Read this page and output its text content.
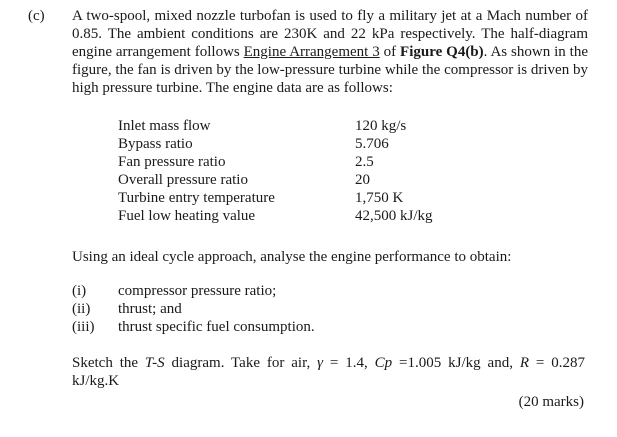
(c) A two-spool, mixed nozzle turbofan is used to fly a military jet at a Mach number of 0.85. The ambient conditions are 230K and 22 kPa respectively. The half-diagram engine arrangement follows Engine Arrangement 3 of Figure Q4(b). As shown in the figure, the fan is driven by the low-pressure turbine while the compressor is driven by high pressure turbine. The engine data are as follows:

Inlet mass flow	120 kg/s
Bypass ratio	5.706
Fan pressure ratio	2.5
Overall pressure ratio	20
Turbine entry temperature	1,750 K
Fuel low heating value	42,500 kJ/kg
Using an ideal cycle approach, analyse the engine performance to obtain:
(i) compressor pressure ratio;
(ii) thrust; and
(iii) thrust specific fuel consumption.

Sketch the T-S diagram. Take for air, γ = 1.4, Cp =1.005 kJ/kg and, R = 0.287 kJ/kg.K

(20 marks)
